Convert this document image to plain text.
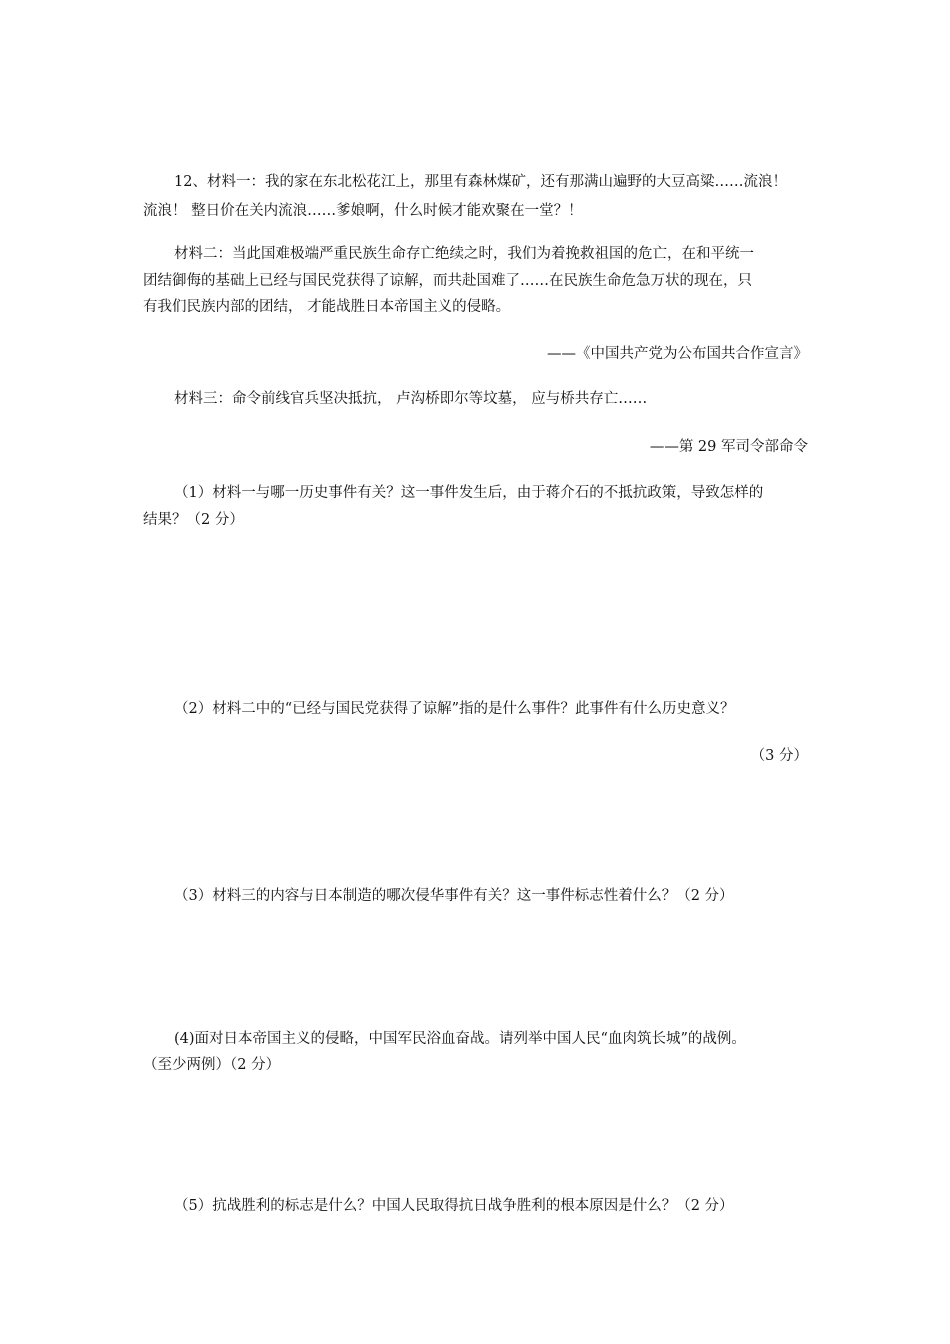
12、材料一：我的家在东北松花江上，那里有森林煤矿，还有那满山遍野的大豆高粱……流浪！
流浪！ 整日价在关内流浪……爹娘啊，什么时候才能欢聚在一堂？！
材料二：当此国难极端严重民族生命存亡绝续之时，我们为着挽救祖国的危亡，在和平统一
团结御侮的基础上已经与国民党获得了谅解，而共赴国难了……在民族生命危急万状的现在，只
有我们民族内部的团结， 才能战胜日本帝国主义的侵略。
——《中国共产党为公布国共合作宣言》
材料三：命令前线官兵坚决抵抗， 卢沟桥即尔等坟墓， 应与桥共存亡……
——第 29 军司令部命令
（1）材料一与哪一历史事件有关？这一事件发生后，由于蒋介石的不抵抗政策，导致怎样的
结果？（2 分）
（2）材料二中的“已经与国民党获得了谅解”指的是什么事件？此事件有什么历史意义？
（3 分）
（3）材料三的内容与日本制造的哪次侵华事件有关？这一事件标志性着什么？（2 分）
(4)面对日本帝国主义的侵略，中国军民浴血奋战。请列举中国人民“血肉筑长城”的战例。
（至少两例）（2 分）
（5）抗战胜利的标志是什么？中国人民取得抗日战争胜利的根本原因是什么？（2 分）
